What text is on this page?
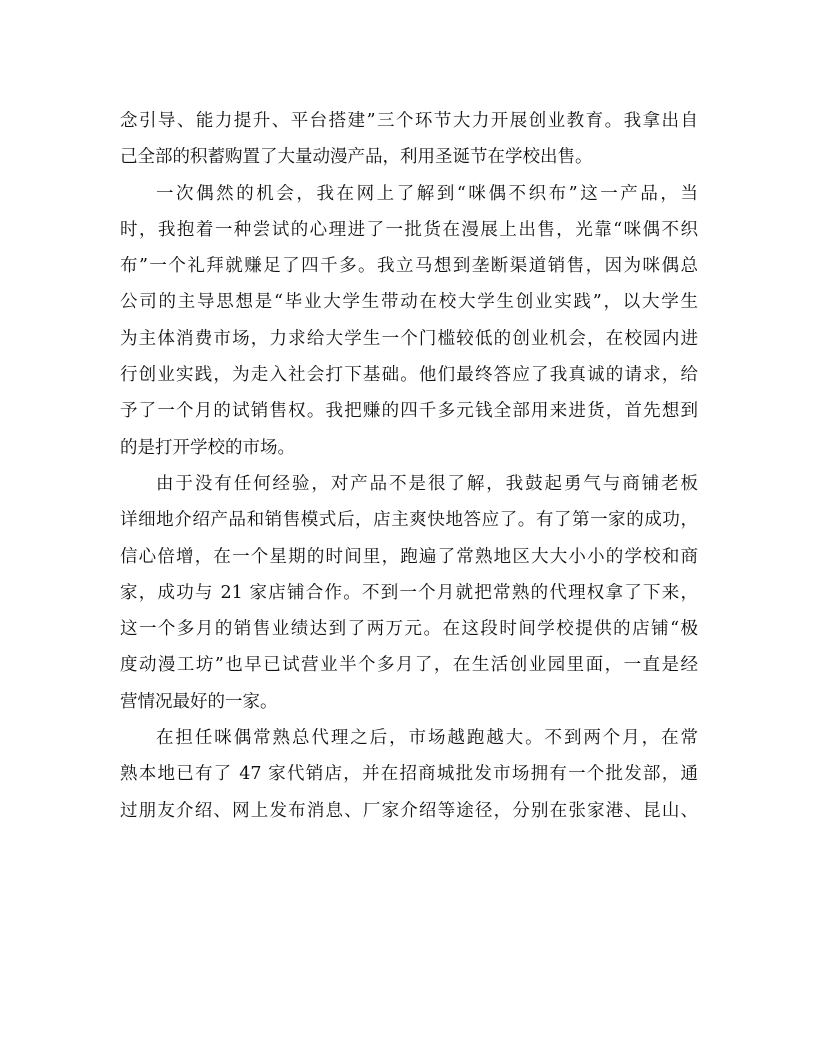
念引导、能力提升、平台搭建”三个环节大力开展创业教育。我拿出自
己全部的积蓄购置了大量动漫产品，利用圣诞节在学校出售。

一次偶然的机会，我在网上了解到“咪偶不织布”这一产品，当
时，我抱着一种尝试的心理进了一批货在漫展上出售，光靠“咪偶不织
布”一个礼拜就赚足了四千多。我立马想到垄断渠道销售，因为咪偶总
公司的主导思想是“毕业大学生带动在校大学生创业实践”，以大学生
为主体消费市场，力求给大学生一个门槛较低的创业机会，在校园内进
行创业实践，为走入社会打下基础。他们最终答应了我真诚的请求，给
予了一个月的试销售权。我把赚的四千多元钱全部用来进货，首先想到
的是打开学校的市场。

由于没有任何经验，对产品不是很了解，我鼓起勇气与商铺老板
详细地介绍产品和销售模式后，店主爽快地答应了。有了第一家的成功，
信心倍增，在一个星期的时间里，跑遍了常熟地区大大小小的学校和商
家，成功与 21 家店铺合作。不到一个月就把常熟的代理权拿了下来，
这一个多月的销售业绩达到了两万元。在这段时间学校提供的店铺“极
度动漫工坊”也早已试营业半个多月了，在生活创业园里面，一直是经
营情况最好的一家。

在担任咪偶常熟总代理之后，市场越跑越大。不到两个月，在常
熟本地已有了 47 家代销店，并在招商城批发市场拥有一个批发部，通
过朋友介绍、网上发布消息、厂家介绍等途径，分别在张家港、昆山、
